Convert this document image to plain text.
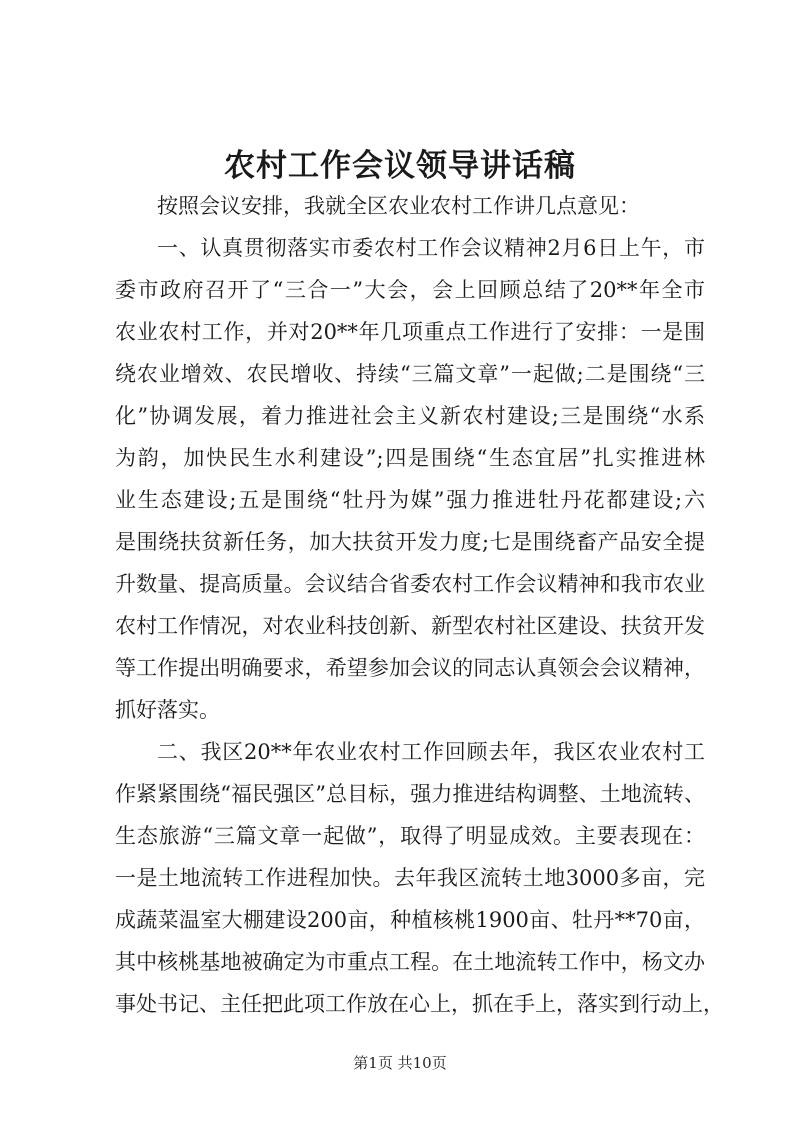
农村工作会议领导讲话稿
按照会议安排，我就全区农业农村工作讲几点意见：
一、认真贯彻落实市委农村工作会议精神2月6日上午，市
委市政府召开了“三合一”大会，会上回顾总结了20**年全市
农业农村工作，并对20**年几项重点工作进行了安排：一是围
绕农业增效、农民增收、持续“三篇文章”一起做;二是围绕“三
化”协调发展，着力推进社会主义新农村建设;三是围绕“水系
为韵，加快民生水利建设”;四是围绕“生态宜居”扎实推进林
业生态建设;五是围绕“牡丹为媒”强力推进牡丹花都建设;六
是围绕扶贫新任务，加大扶贫开发力度;七是围绕畜产品安全提
升数量、提高质量。会议结合省委农村工作会议精神和我市农业
农村工作情况，对农业科技创新、新型农村社区建设、扶贫开发
等工作提出明确要求，希望参加会议的同志认真领会会议精神，
抓好落实。
二、我区20**年农业农村工作回顾去年，我区农业农村工
作紧紧围绕“福民强区”总目标，强力推进结构调整、土地流转、
生态旅游“三篇文章一起做”，取得了明显成效。主要表现在：
一是土地流转工作进程加快。去年我区流转土地3000多亩，完
成蔬菜温室大棚建设200亩，种植核桃1900亩、牡丹**70亩，
其中核桃基地被确定为市重点工程。在土地流转工作中，杨文办
事处书记、主任把此项工作放在心上，抓在手上，落实到行动上，
第1页 共10页
